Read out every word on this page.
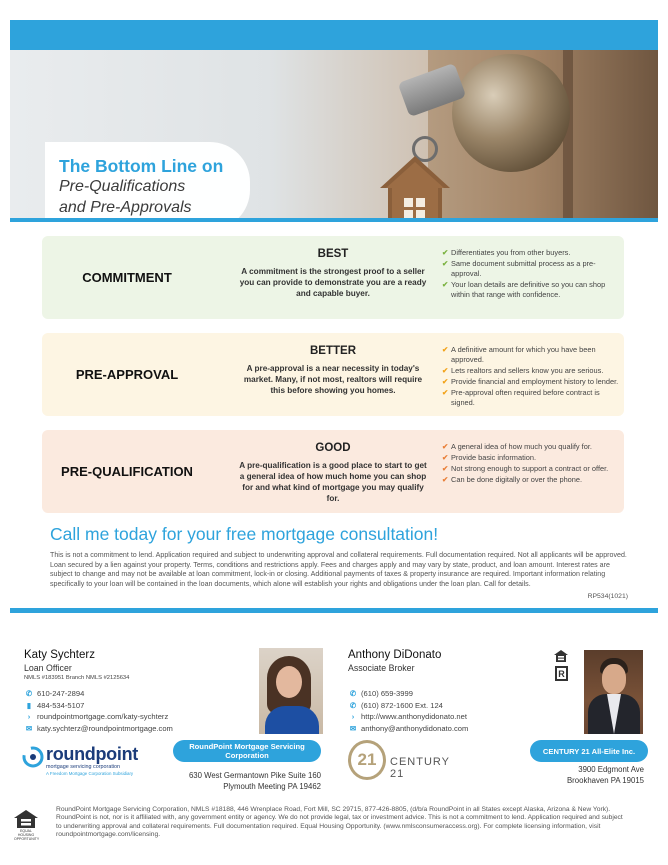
The Bottom Line on
Pre-Qualifications
and Pre-Approvals
COMMITMENT
BEST
A commitment is the strongest proof to a seller you can provide to demonstrate you are a ready and capable buyer.
✔ Differentiates you from other buyers.
✔ Same document submittal process as a pre-approval.
✔ Your loan details are definitive so you can shop within that range with confidence.
PRE-APPROVAL
BETTER
A pre-approval is a near necessity in today's market. Many, if not most, realtors will require this before showing you homes.
✔ A definitive amount for which you have been approved.
✔ Lets realtors and sellers know you are serious.
✔ Provide financial and employment history to lender.
✔ Pre-approval often required before contract is signed.
PRE-QUALIFICATION
GOOD
A pre-qualification is a good place to start to get a general idea of how much home you can shop for and what kind of mortgage you may qualify for.
✔ A general idea of how much you qualify for.
✔ Provide basic information.
✔ Not strong enough to support a contract or offer.
✔ Can be done digitally or over the phone.
Call me today for your free mortgage consultation!
This is not a commitment to lend. Application required and subject to underwriting approval and collateral requirements. Full documentation required. Not all applicants will be approved. Loan secured by a lien against your property. Terms, conditions and restrictions apply. Fees and charges apply and may vary by state, product, and loan amount. Interest rates are subject to change and may not be available at loan commitment, lock-in or closing. Additional payments of taxes & property insurance are required. Important information relating specifically to your loan will be contained in the loan documents, which alone will establish your rights and obligations under the loan plan. Call for details.
RP534(1021)
Katy Sychterz
Loan Officer
NMLS #183951 Branch NMLS #2125634
✆ 610-247-2894
▮ 484-534-5107
› roundpointmortgage.com/katy-sychterz
✉ katy.sychterz@roundpointmortgage.com
roundpoint
mortgage servicing corporation
A Freedom Mortgage Corporation Subsidiary
RoundPoint Mortgage Servicing Corporation
630 West Germantown Pike Suite 160
Plymouth Meeting PA 19462
Anthony DiDonato
Associate Broker
✆ (610) 659-3999
✆ (610) 872-1600 Ext. 124
› http://www.anthonydidonato.net
✉ anthony@anthonydidonato.com
R
21	CENTURY 21
CENTURY 21 All-Elite Inc.
3900 Edgmont Ave
Brookhaven PA 19015
EQUAL HOUSING OPPORTUNITY
RoundPoint Mortgage Servicing Corporation, NMLS #18188, 446 Wrenplace Road, Fort Mill, SC 29715, 877-426-8805, (d/b/a RoundPoint in all States except Alaska, Arizona & New York). RoundPoint is not, nor is it affiliated with, any government entity or agency. We do not provide legal, tax or investment advice. This is not a commitment to lend. Application required and subject to underwriting approval and collateral requirements. Full documentation required. Equal Housing Opportunity. (www.nmlsconsumeraccess.org). For complete licensing information, visit roundpointmortgage.com/licensing.
